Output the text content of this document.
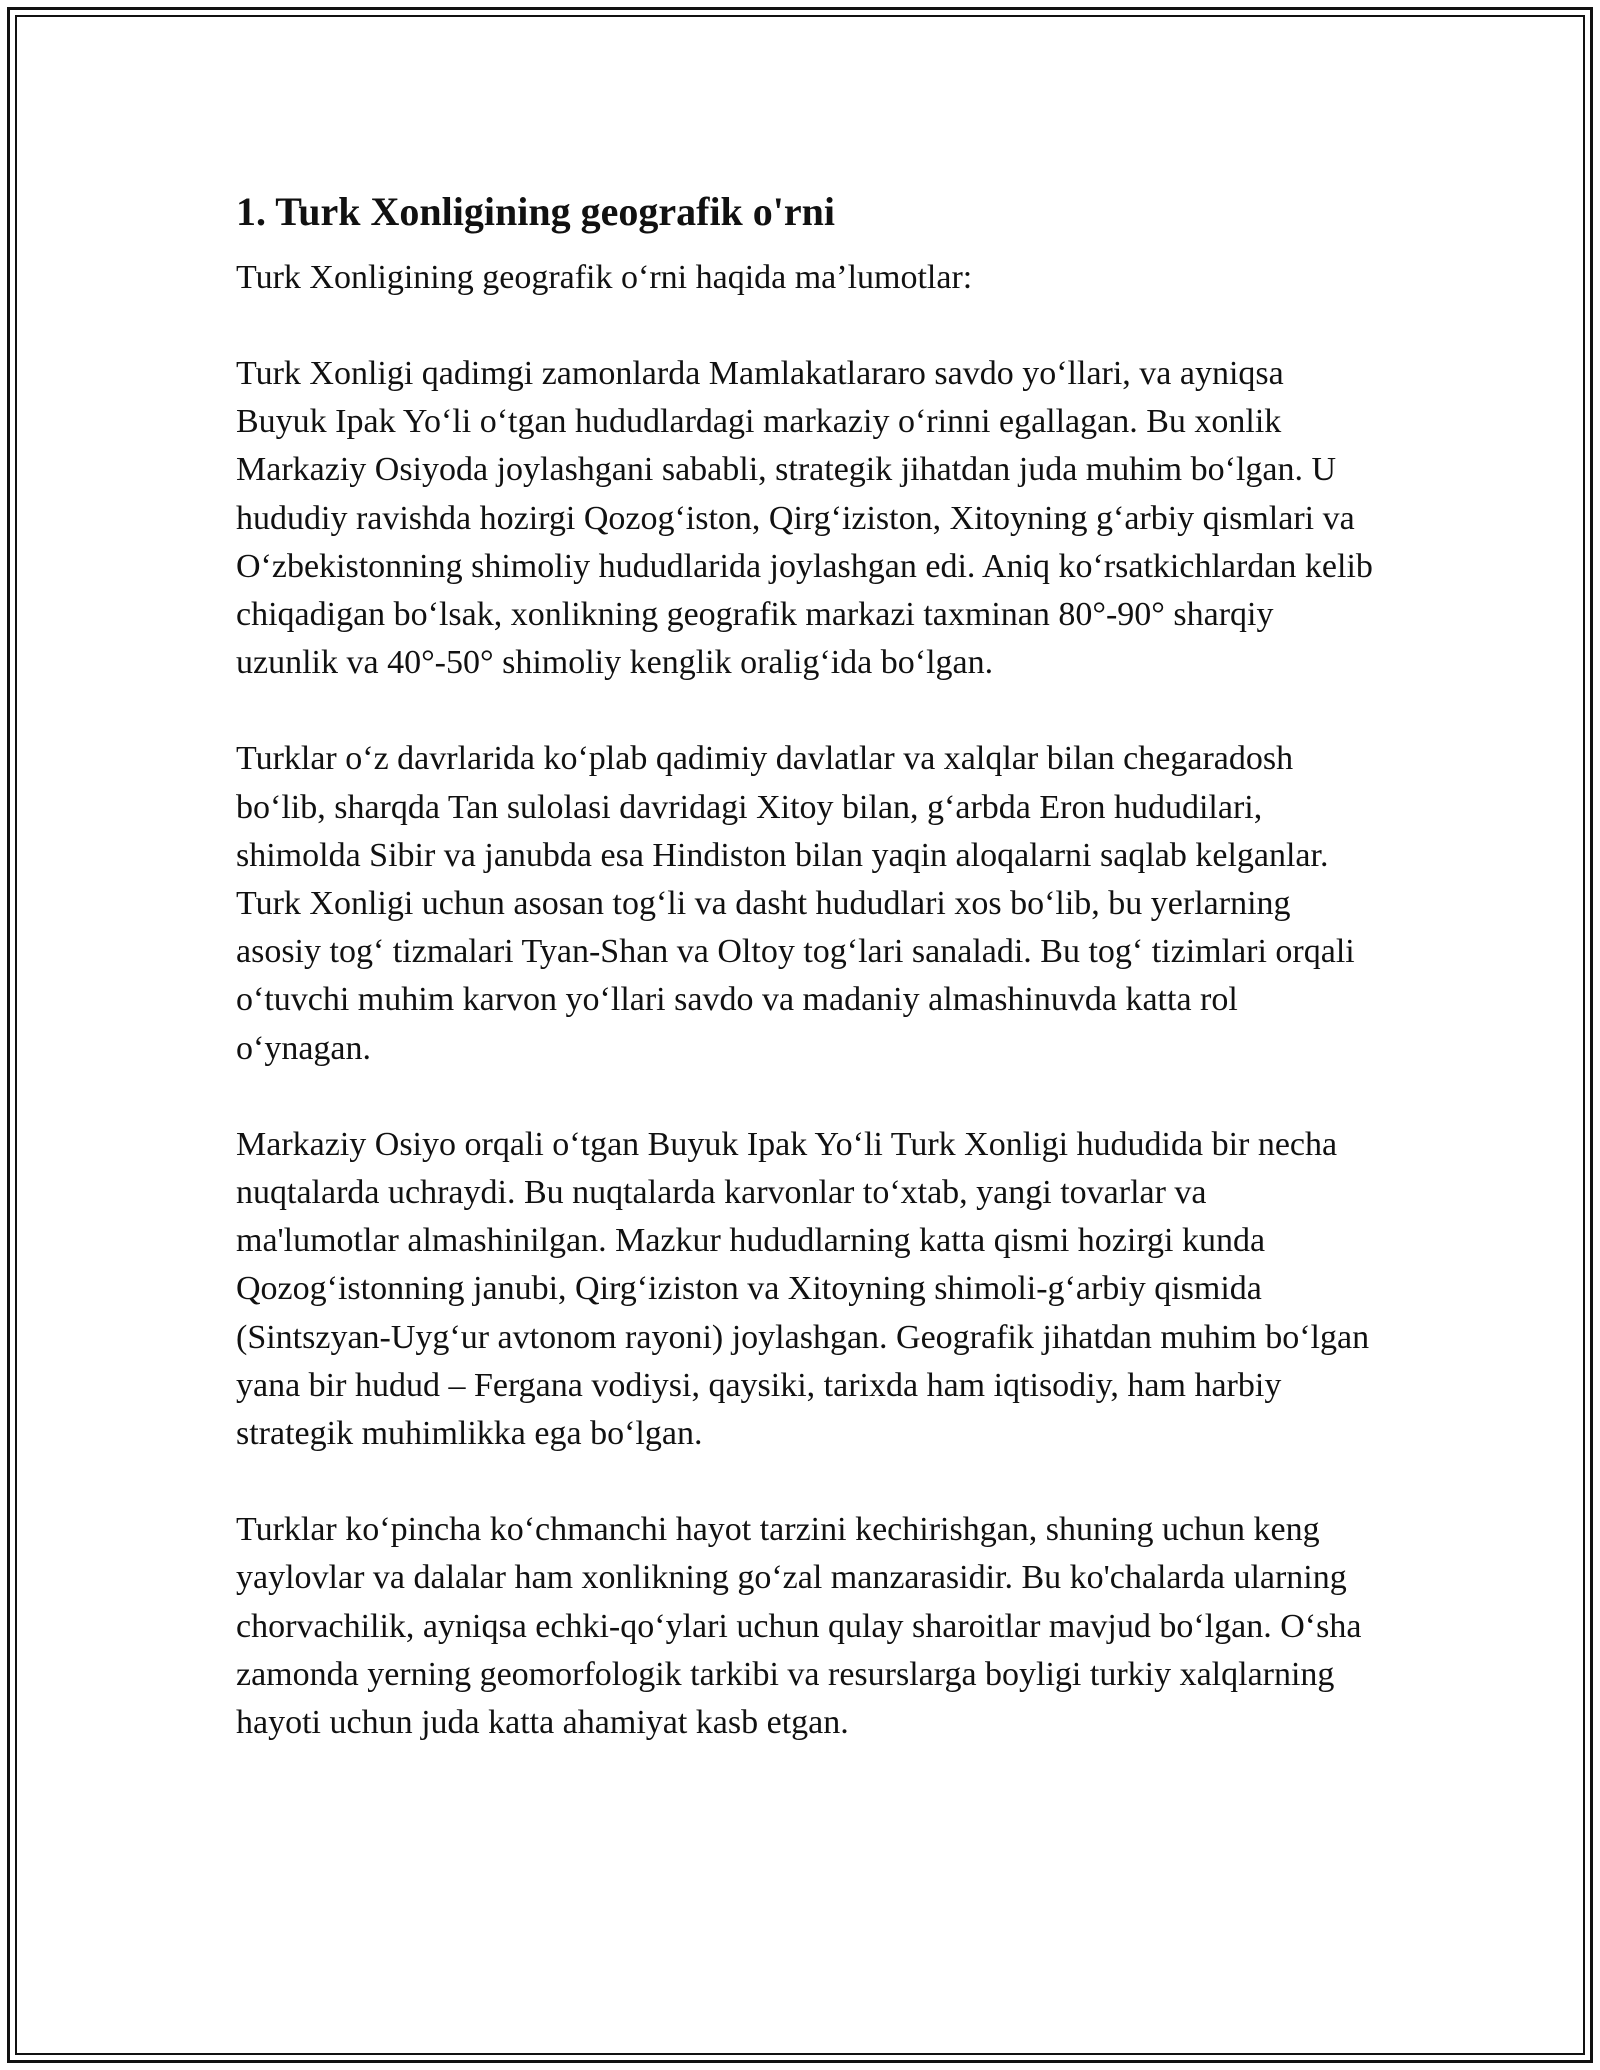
1. Turk Xonligining geografik o'rni

Turk Xonligining geografik o‘rni haqida ma’lumotlar:

Turk Xonligi qadimgi zamonlarda Mamlakatlararo savdo yo‘llari, va ayniqsa Buyuk Ipak Yo‘li o‘tgan hududlardagi markaziy o‘rinni egallagan. Bu xonlik Markaziy Osiyoda joylashgani sababli, strategik jihatdan juda muhim bo‘lgan. U hududiy ravishda hozirgi Qozog‘iston, Qirg‘iziston, Xitoyning g‘arbiy qismlari va O‘zbekistonning shimoliy hududlarida joylashgan edi. Aniq ko‘rsatkichlardan kelib chiqadigan bo‘lsak, xonlikning geografik markazi taxminan 80°-90° sharqiy uzunlik va 40°-50° shimoliy kenglik oralig‘ida bo‘lgan.

Turklar o‘z davrlarida ko‘plab qadimiy davlatlar va xalqlar bilan chegaradosh bo‘lib, sharqda Tan sulolasi davridagi Xitoy bilan, g‘arbda Eron hududilari, shimolda Sibir va janubda esa Hindiston bilan yaqin aloqalarni saqlab kelganlar. Turk Xonligi uchun asosan tog‘li va dasht hududlari xos bo‘lib, bu yerlarning asosiy tog‘ tizmalari Tyan-Shan va Oltoy tog‘lari sanaladi. Bu tog‘ tizimlari orqali o‘tuvchi muhim karvon yo‘llari savdo va madaniy almashinuvda katta rol o‘ynagan.

Markaziy Osiyo orqali o‘tgan Buyuk Ipak Yo‘li Turk Xonligi hududida bir necha nuqtalarda uchraydi. Bu nuqtalarda karvonlar to‘xtab, yangi tovarlar va ma'lumotlar almashinilgan. Mazkur hududlarning katta qismi hozirgi kunda Qozog‘istonning janubi, Qirg‘iziston va Xitoyning shimoli-g‘arbiy qismida (Sintszyan-Uyg‘ur avtonom rayoni) joylashgan. Geografik jihatdan muhim bo‘lgan yana bir hudud – Fergana vodiysi, qaysiki, tarixda ham iqtisodiy, ham harbiy strategik muhimlikka ega bo‘lgan.

Turklar ko‘pincha ko‘chmanchi hayot tarzini kechirishgan, shuning uchun keng yaylovlar va dalalar ham xonlikning go‘zal manzarasidir. Bu ko'chalarda ularning chorvachilik, ayniqsa echki-qo‘ylari uchun qulay sharoitlar mavjud bo‘lgan. O‘sha zamonda yerning geomorfologik tarkibi va resurslarga boyligi turkiy xalqlarning hayoti uchun juda katta ahamiyat kasb etgan.
